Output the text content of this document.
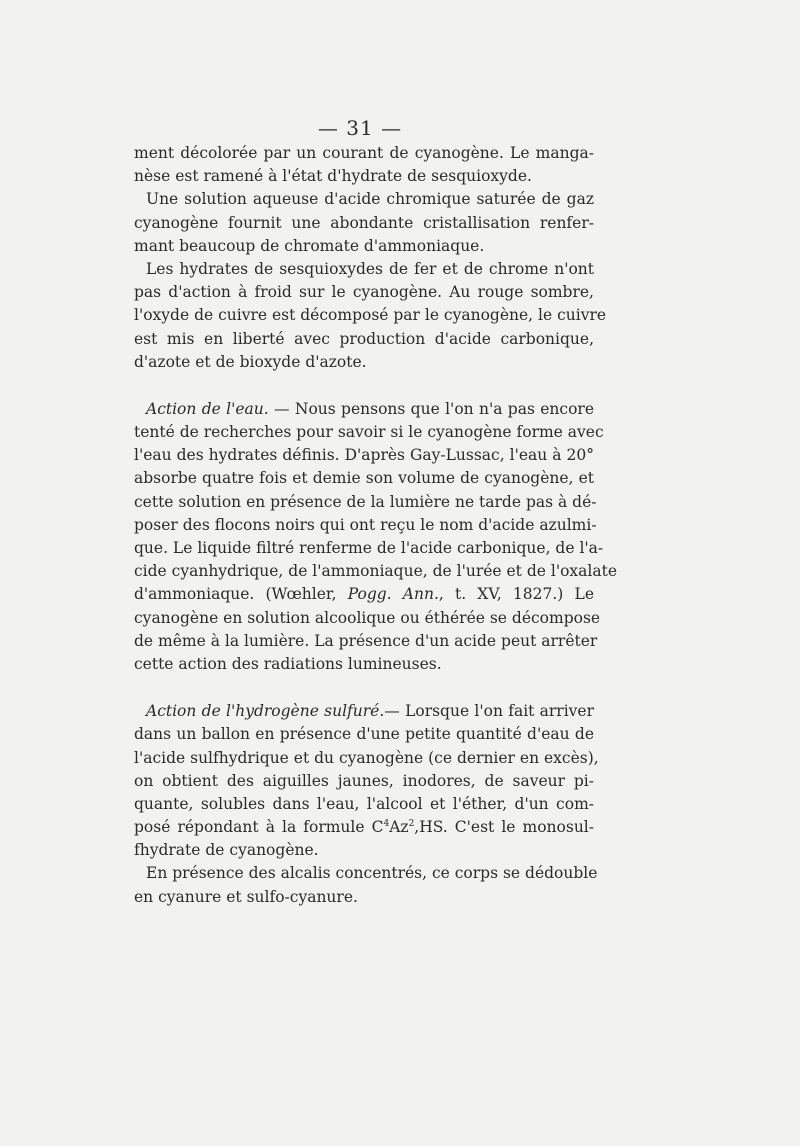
— 31 —
ment décolorée par un courant de cyanogène. Le manga-
nèse est ramené à l'état d'hydrate de sesquioxyde.
Une solution aqueuse d'acide chromique saturée de gaz
cyanogène fournit une abondante cristallisation renfer-
mant beaucoup de chromate d'ammoniaque.
Les hydrates de sesquioxydes de fer et de chrome n'ont
pas d'action à froid sur le cyanogène. Au rouge sombre,
l'oxyde de cuivre est décomposé par le cyanogène, le cuivre
est mis en liberté avec production d'acide carbonique,
d'azote et de bioxyde d'azote.
Action de l'eau. — Nous pensons que l'on n'a pas encore
tenté de recherches pour savoir si le cyanogène forme avec
l'eau des hydrates définis. D'après Gay-Lussac, l'eau à 20°
absorbe quatre fois et demie son volume de cyanogène, et
cette solution en présence de la lumière ne tarde pas à dé-
poser des flocons noirs qui ont reçu le nom d'acide azulmi-
que. Le liquide filtré renferme de l'acide carbonique, de l'a-
cide cyanhydrique, de l'ammoniaque, de l'urée et de l'oxalate
d'ammoniaque. (Wœhler, Pogg. Ann., t. XV, 1827.) Le
cyanogène en solution alcoolique ou éthérée se décompose
de même à la lumière. La présence d'un acide peut arrêter
cette action des radiations lumineuses.
Action de l'hydrogène sulfuré.— Lorsque l'on fait arriver
dans un ballon en présence d'une petite quantité d'eau de
l'acide sulfhydrique et du cyanogène (ce dernier en excès),
on obtient des aiguilles jaunes, inodores, de saveur pi-
quante, solubles dans l'eau, l'alcool et l'éther, d'un com-
posé répondant à la formule $C^4Az^2,HS$. C'est le monosul-
fhydrate de cyanogène.
En présence des alcalis concentrés, ce corps se dédouble
en cyanure et sulfo-cyanure.
